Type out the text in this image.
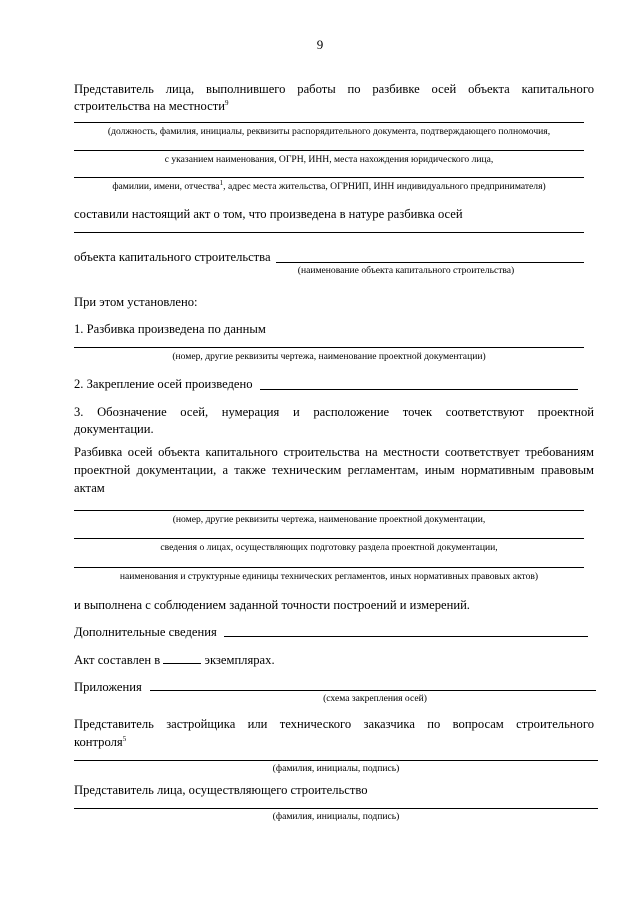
9
Представитель лица, выполнившего работы по разбивке осей объекта капитального
строительства на местности$^9$
(должность, фамилия, инициалы, реквизиты распорядительного документа, подтверждающего полномочия,
с указанием наименования, ОГРН, ИНН, места нахождения юридического лица,
фамилии, имени, отчества$^1$, адрес места жительства, ОГРНИП, ИНН индивидуального предпринимателя)
составили настоящий акт о том, что произведена в натуре разбивка осей
объекта капитального строительства
(наименование объекта капитального строительства)
При этом установлено:
1. Разбивка произведена по данным
(номер, другие реквизиты чертежа, наименование проектной документации)
2. Закрепление осей произведено
3. Обозначение осей, нумерация и расположение точек соответствуют проектной
документации.
Разбивка осей объекта капитального строительства на местности соответствует требованиям
проектной документации, а также техническим регламентам, иным нормативным правовым
актам
(номер, другие реквизиты чертежа, наименование проектной документации,
сведения о лицах, осуществляющих подготовку раздела проектной документации,
наименования и структурные единицы технических регламентов, иных нормативных правовых актов)
и выполнена с соблюдением заданной точности построений и измерений.
Дополнительные сведения
Акт составлен в	экземплярах.
Приложения
(схема закрепления осей)
Представитель застройщика или технического заказчика по вопросам строительного
контроля$^5$
(фамилия, инициалы, подпись)
Представитель лица, осуществляющего строительство
(фамилия, инициалы, подпись)
